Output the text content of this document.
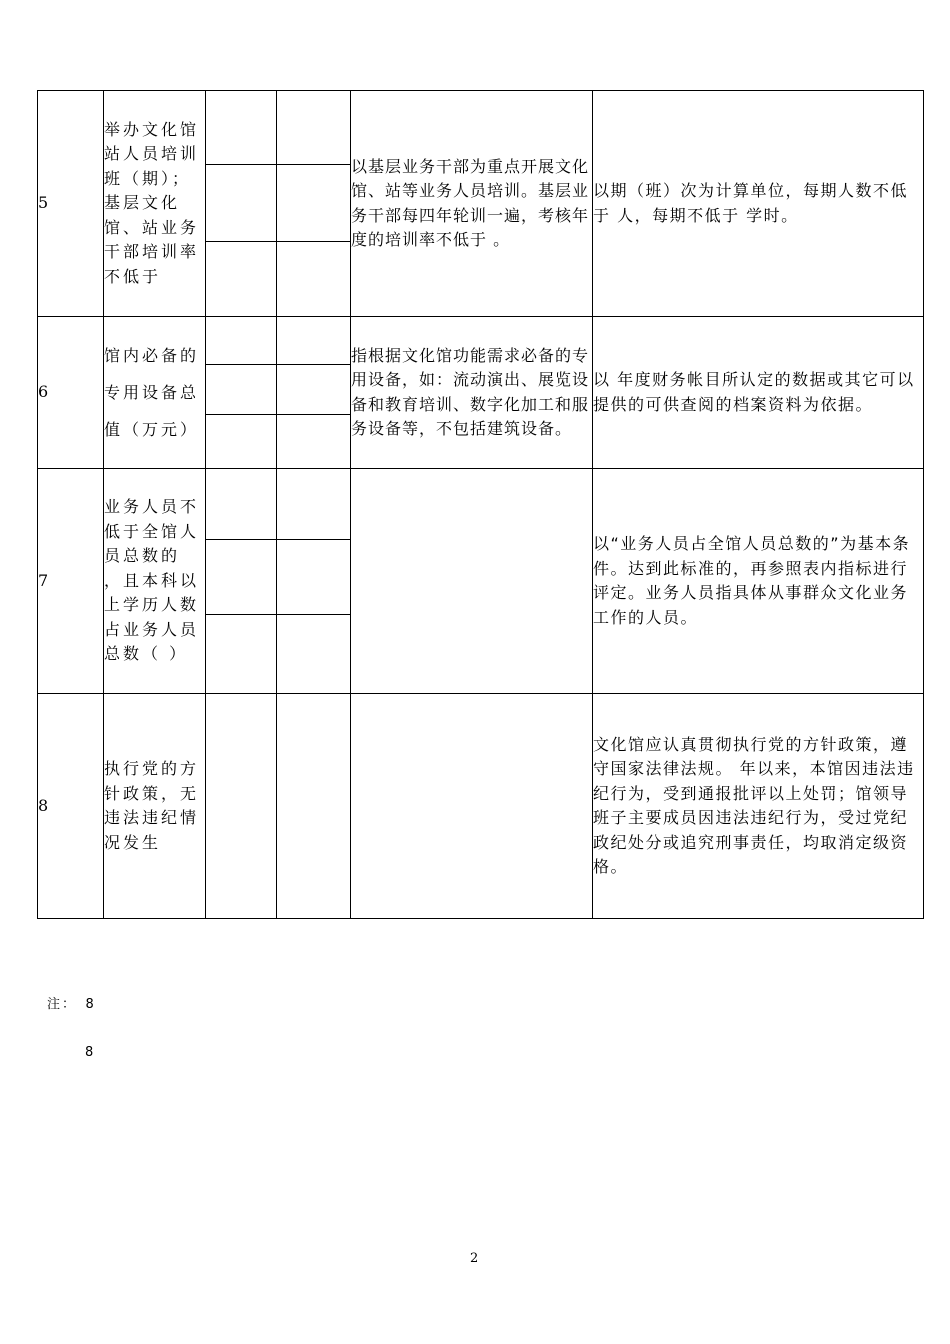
5	举办文化馆站人员培训班（期）；基层文化馆、站业务干部培训率不低于			以基层业务干部为重点开展文化馆、站等业务人员培训。基层业务干部每四年轮训一遍，考核年度的培训率不低于 。	以期（班）次为计算单位，每期人数不低于 人，每期不低于 学时。

6	馆内必备的专用设备总值（万元）			指根据文化馆功能需求必备的专用设备，如：流动演出、展览设备和教育培训、数字化加工和服务设备等，不包括建筑设备。	以 年度财务帐目所认定的数据或其它可以提供的可供查阅的档案资料为依据。

7	业务人员不低于全馆人员总数的 ，且本科以上学历人数占业务人员总数（ ）				以“业务人员占全馆人员总数的”为基本条件。达到此标准的，再参照表内指标进行评定。业务人员指具体从事群众文化业务工作的人员。

8	执行党的方针政策，无违法违纪情况发生				文化馆应认真贯彻执行党的方针政策，遵守国家法律法规。 年以来，本馆因违法违纪行为，受到通报批评以上处罚；馆领导班子主要成员因违法违纪行为，受过党纪政纪处分或追究刑事责任，均取消定级资格。
注：　8
8
2
